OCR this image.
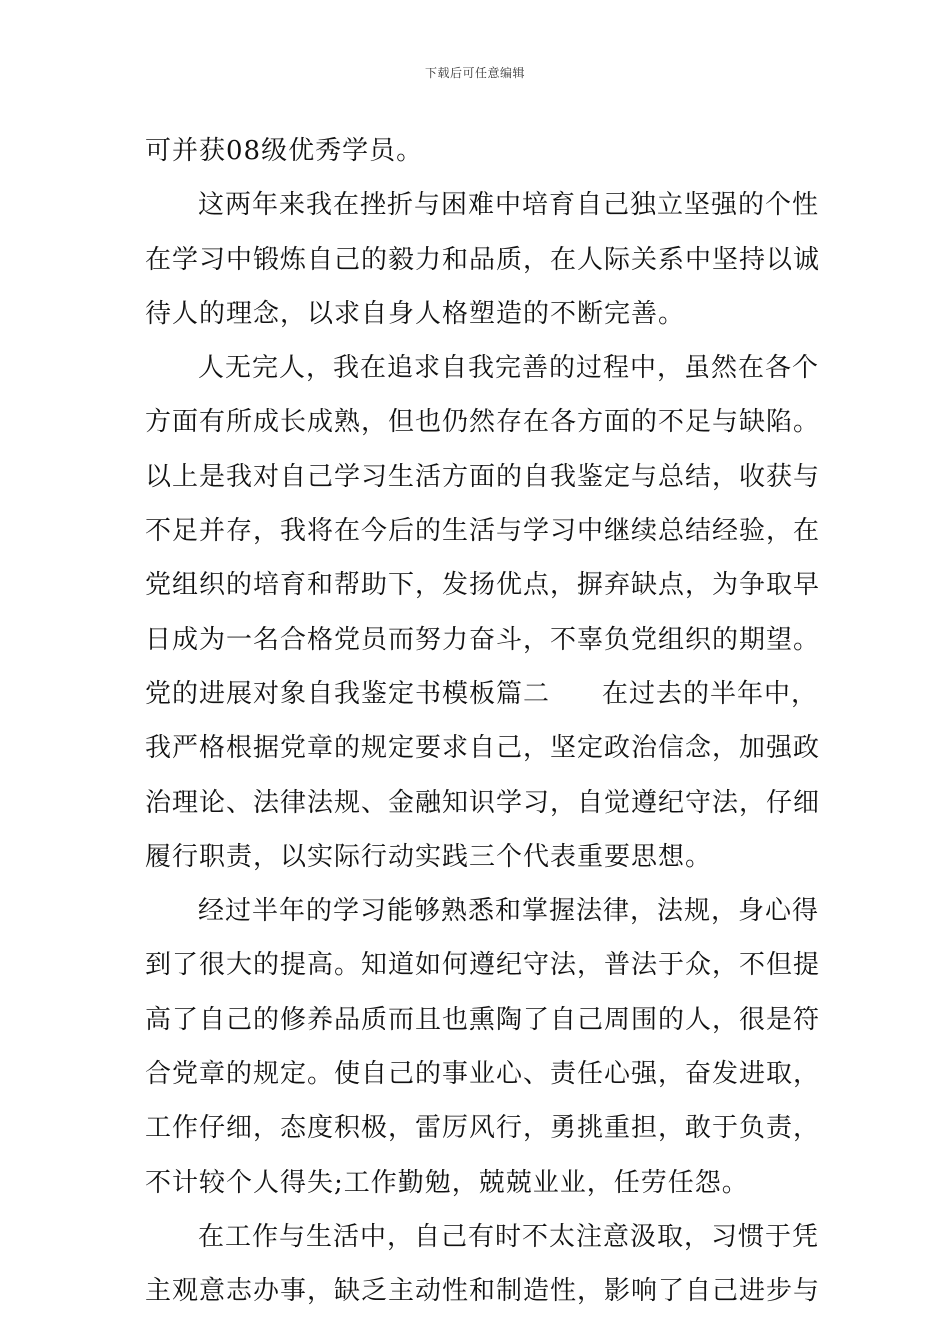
下载后可任意编辑
可并获08级优秀学员。
这两年来我在挫折与困难中培育自己独立坚强的个性
在学习中锻炼自己的毅力和品质，在人际关系中坚持以诚
待人的理念，以求自身人格塑造的不断完善。
人无完人，我在追求自我完善的过程中，虽然在各个
方面有所成长成熟，但也仍然存在各方面的不足与缺陷。
以上是我对自己学习生活方面的自我鉴定与总结，收获与
不足并存，我将在今后的生活与学习中继续总结经验，在
党组织的培育和帮助下，发扬优点，摒弃缺点，为争取早
日成为一名合格党员而努力奋斗，不辜负党组织的期望。
党的进展对象自我鉴定书模板篇二 在过去的半年中，
我严格根据党章的规定要求自己，坚定政治信念，加强政
治理论、法律法规、金融知识学习，自觉遵纪守法，仔细
履行职责，以实际行动实践三个代表重要思想。
经过半年的学习能够熟悉和掌握法律，法规，身心得
到了很大的提高。知道如何遵纪守法，普法于众，不但提
高了自己的修养品质而且也熏陶了自己周围的人，很是符
合党章的规定。使自己的事业心、责任心强，奋发进取，
工作仔细，态度积极，雷厉风行，勇挑重担，敢于负责，
不计较个人得失;工作勤勉，兢兢业业，任劳任怨。
在工作与生活中，自己有时不太注意汲取，习惯于凭
主观意志办事，缺乏主动性和制造性，影响了自己进步与
